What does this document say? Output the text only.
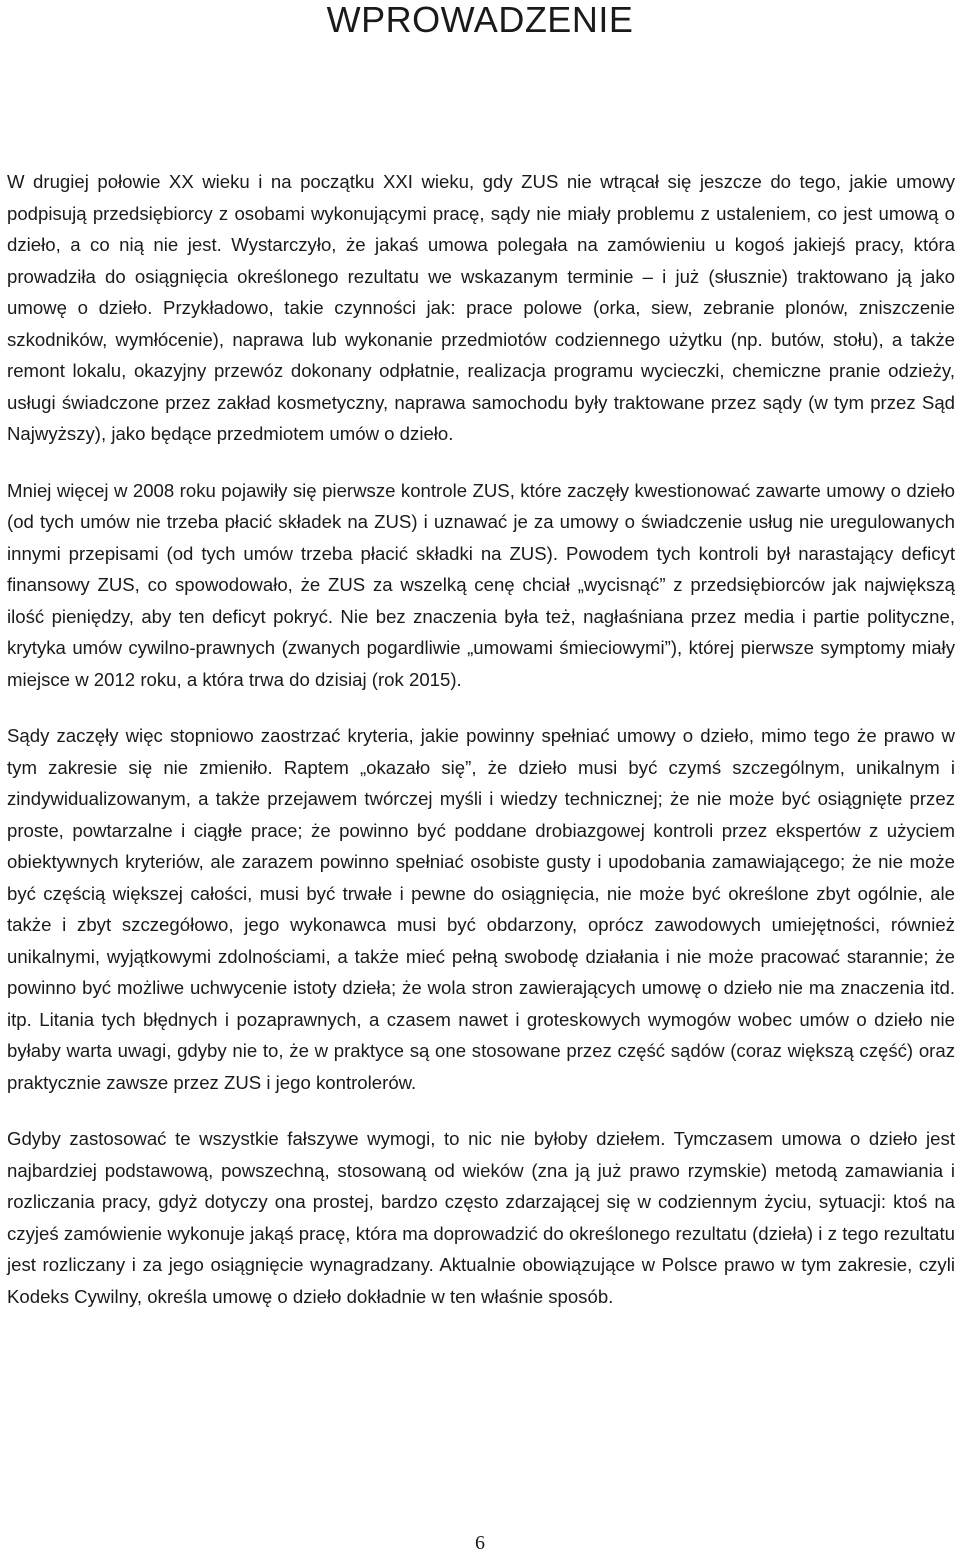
WPROWADZENIE

W drugiej połowie XX wieku i na początku XXI wieku, gdy ZUS nie wtrącał się jeszcze do tego, jakie umowy podpisują przedsiębiorcy z osobami wykonującymi pracę, sądy nie miały problemu z ustaleniem, co jest umową o dzieło, a co nią nie jest. Wystarczyło, że jakaś umowa polegała na zamówieniu u kogoś jakiejś pracy, która prowadziła do osiągnięcia określonego rezultatu we wskazanym terminie – i już (słusznie) traktowano ją jako umowę o dzieło. Przykładowo, takie czynności jak: prace polowe (orka, siew, zebranie plonów, zniszczenie szkodników, wymłócenie), naprawa lub wykonanie przedmiotów codziennego użytku (np. butów, stołu), a także remont lokalu, okazyjny przewóz dokonany odpłatnie, realizacja programu wycieczki, chemiczne pranie odzieży, usługi świadczone przez zakład kosmetyczny, naprawa samochodu były traktowane przez sądy (w tym przez Sąd Najwyższy), jako będące przedmiotem umów o dzieło.

Mniej więcej w 2008 roku pojawiły się pierwsze kontrole ZUS, które zaczęły kwestionować zawarte umowy o dzieło (od tych umów nie trzeba płacić składek na ZUS) i uznawać je za umowy o świadczenie usług nie uregulowanych innymi przepisami (od tych umów trzeba płacić składki na ZUS). Powodem tych kontroli był narastający deficyt finansowy ZUS, co spowodowało, że ZUS za wszelką cenę chciał „wycisnąć” z przedsiębiorców jak największą ilość pieniędzy, aby ten deficyt pokryć. Nie bez znaczenia była też, nagłaśniana przez media i partie polityczne, krytyka umów cywilno-prawnych (zwanych pogardliwie „umowami śmieciowymi”), której pierwsze symptomy miały miejsce w 2012 roku, a która trwa do dzisiaj (rok 2015).

Sądy zaczęły więc stopniowo zaostrzać kryteria, jakie powinny spełniać umowy o dzieło, mimo tego że prawo w tym zakresie się nie zmieniło. Raptem „okazało się”, że dzieło musi być czymś szczególnym, unikalnym i zindywidualizowanym, a także przejawem twórczej myśli i wiedzy technicznej; że nie może być osiągnięte przez proste, powtarzalne i ciągłe prace; że powinno być poddane drobiazgowej kontroli przez ekspertów z użyciem obiektywnych kryteriów, ale zarazem powinno spełniać osobiste gusty i upodobania zamawiającego; że nie może być częścią większej całości, musi być trwałe i pewne do osiągnięcia, nie może być określone zbyt ogólnie, ale także i zbyt szczegółowo, jego wykonawca musi być obdarzony, oprócz zawodowych umiejętności, również unikalnymi, wyjątkowymi zdolnościami, a także mieć pełną swobodę działania i nie może pracować starannie; że powinno być możliwe uchwycenie istoty dzieła; że wola stron zawierających umowę o dzieło nie ma znaczenia itd. itp. Litania tych błędnych i pozaprawnych, a czasem nawet i groteskowych wymogów wobec umów o dzieło nie byłaby warta uwagi, gdyby nie to, że w praktyce są one stosowane przez część sądów (coraz większą część) oraz praktycznie zawsze przez ZUS i jego kontrolerów.

Gdyby zastosować te wszystkie fałszywe wymogi, to nic nie byłoby dziełem. Tymczasem umowa o dzieło jest najbardziej podstawową, powszechną, stosowaną od wieków (zna ją już prawo rzymskie) metodą zamawiania i rozliczania pracy, gdyż dotyczy ona prostej, bardzo często zdarzającej się w codziennym życiu, sytuacji: ktoś na czyjeś zamówienie wykonuje jakąś pracę, która ma doprowadzić do określonego rezultatu (dzieła) i z tego rezultatu jest rozliczany i za jego osiągnięcie wynagradzany. Aktualnie obowiązujące w Polsce prawo w tym zakresie, czyli Kodeks Cywilny, określa umowę o dzieło dokładnie w ten właśnie sposób.

6
